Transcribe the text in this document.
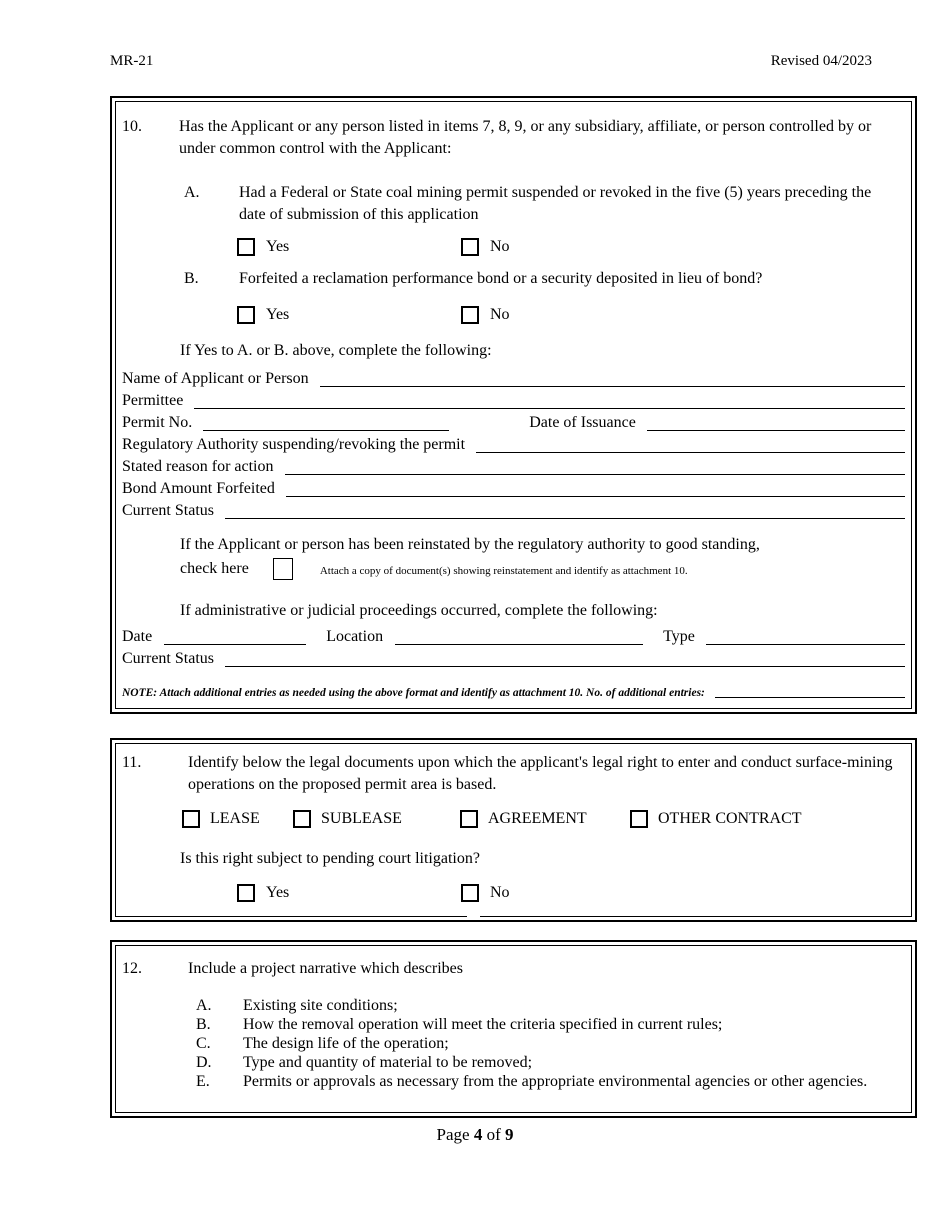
MR-21	Revised 04/2023
10.	Has the Applicant or any person listed in items 7, 8, 9, or any subsidiary, affiliate, or person controlled by or under common control with the Applicant:
A.	Had a Federal or State coal mining permit suspended or revoked in the five (5) years preceding the date of submission of this application
Yes	No
B.	Forfeited a reclamation performance bond or a security deposited in lieu of bond?
Yes	No
If Yes to A. or B. above, complete the following:
Name of Applicant or Person
Permittee
Permit No.	Date of Issuance
Regulatory Authority suspending/revoking the permit
Stated reason for action
Bond Amount Forfeited
Current Status
If the Applicant or person has been reinstated by the regulatory authority to good standing,
check here	Attach a copy of document(s) showing reinstatement and identify as attachment 10.
If administrative or judicial proceedings occurred, complete the following:
Date	Location	Type
Current Status
NOTE: Attach additional entries as needed using the above format and identify as attachment 10. No. of additional entries:
11.	Identify below the legal documents upon which the applicant's legal right to enter and conduct surface-mining operations on the proposed permit area is based.
LEASE	SUBLEASE	AGREEMENT	OTHER CONTRACT
Is this right subject to pending court litigation?
Yes	No
12.	Include a project narrative which describes
A.	Existing site conditions;
B.	How the removal operation will meet the criteria specified in current rules;
C.	The design life of the operation;
D.	Type and quantity of material to be removed;
E.	Permits or approvals as necessary from the appropriate environmental agencies or other agencies.
Page 4 of 9
